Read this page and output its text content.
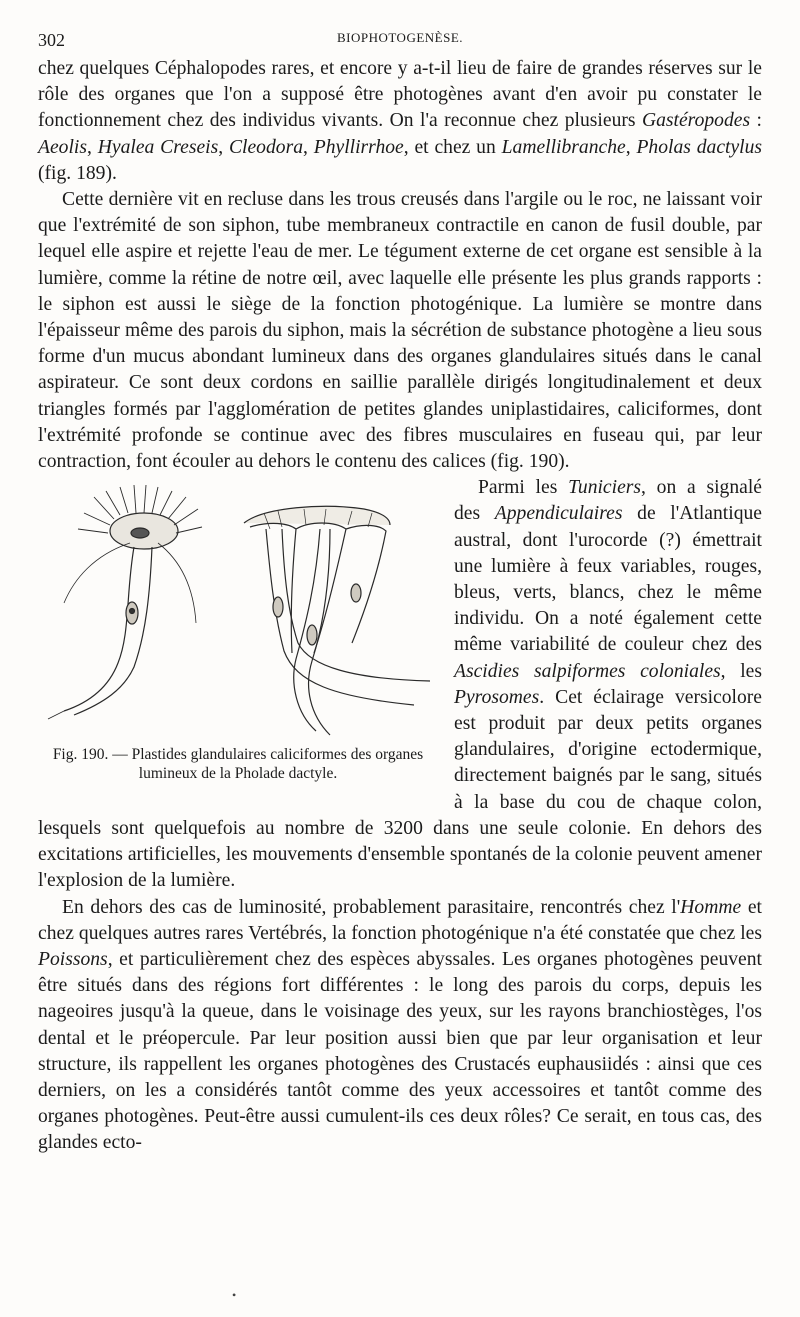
302	BIOPHOTOGENÈSE.

chez quelques Céphalopodes rares, et encore y a-t-il lieu de faire de grandes réserves sur le rôle des organes que l'on a supposé être photogènes avant d'en avoir pu constater le fonctionnement chez des individus vivants. On l'a reconnue chez plusieurs Gastéropodes : Aeolis, Hyalea Creseis, Cleodora, Phyllirrhoe, et chez un Lamellibranche, Pholas dactylus (fig. 189).

Cette dernière vit en recluse dans les trous creusés dans l'argile ou le roc, ne laissant voir que l'extrémité de son siphon, tube membraneux contractile en canon de fusil double, par lequel elle aspire et rejette l'eau de mer. Le tégument externe de cet organe est sensible à la lumière, comme la rétine de notre œil, avec laquelle elle présente les plus grands rapports : le siphon est aussi le siège de la fonction photogénique. La lumière se montre dans l'épaisseur même des parois du siphon, mais la sécrétion de substance photogène a lieu sous forme d'un mucus abondant lumineux dans des organes glandulaires situés dans le canal aspirateur. Ce sont deux cordons en saillie parallèle dirigés longitudinalement et deux triangles formés par l'agglomération de petites glandes uniplastidaires, caliciformes, dont l'extrémité profonde se continue avec des fibres musculaires en fuseau qui, par leur contraction, font écouler au dehors le contenu des calices (fig. 190).

Fig. 190. — Plastides glandulaires caliciformes des organes lumineux de la Pholade dactyle.

Parmi les Tuniciers, on a signalé des Appendiculaires de l'Atlantique austral, dont l'urocorde (?) émettrait une lumière à feux variables, rouges, bleus, verts, blancs, chez le même individu. On a noté également cette même variabilité de couleur chez des Ascidies salpiformes coloniales, les Pyrosomes. Cet éclairage versicolore est produit par deux petits organes glandulaires, d'origine ectodermique, directement baignés par le sang, situés à la base du cou de chaque colon, lesquels sont quelquefois au nombre de 3200 dans une seule colonie. En dehors des excitations artificielles, les mouvements d'ensemble spontanés de la colonie peuvent amener l'explosion de la lumière.

En dehors des cas de luminosité, probablement parasitaire, rencontrés chez l'Homme et chez quelques autres rares Vertébrés, la fonction photogénique n'a été constatée que chez les Poissons, et particulièrement chez des espèces abyssales. Les organes photogènes peuvent être situés dans des régions fort différentes : le long des parois du corps, depuis les nageoires jusqu'à la queue, dans le voisinage des yeux, sur les rayons branchiostèges, l'os dental et le préopercule. Par leur position aussi bien que par leur organisation et leur structure, ils rappellent les organes photogènes des Crustacés euphausiidés : ainsi que ces derniers, on les a considérés tantôt comme des yeux accessoires et tantôt comme des organes photogènes. Peut-être aussi cumulent-ils ces deux rôles? Ce serait, en tous cas, des glandes ecto-

•
